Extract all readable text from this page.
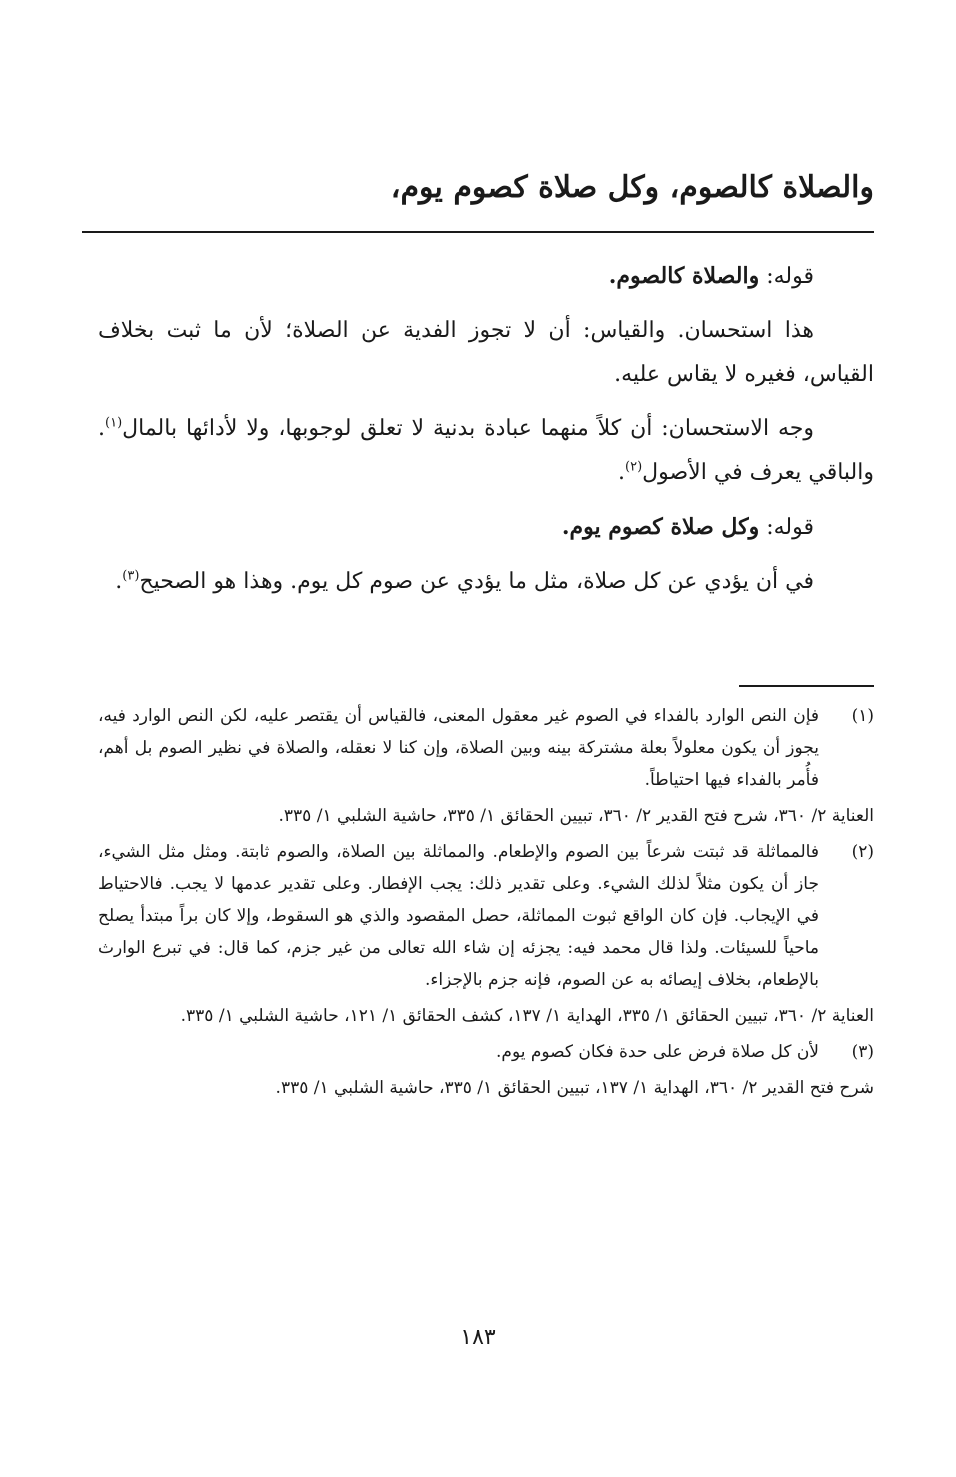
والصلاة كالصوم، وكل صلاة كصوم يوم،

قوله: والصلاة كالصوم.

هذا استحسان. والقياس: أن لا تجوز الفدية عن الصلاة؛ لأن ما ثبت بخلاف القياس، فغيره لا يقاس عليه.

وجه الاستحسان: أن كلاً منهما عبادة بدنية لا تعلق لوجوبها، ولا لأدائها بالمال$^{(١)}$. والباقي يعرف في الأصول$^{(٢)}$.

قوله: وكل صلاة كصوم يوم.

في أن يؤدي عن كل صلاة، مثل ما يؤدي عن صوم كل يوم. وهذا هو الصحيح$^{(٣)}$.

(١)

فإن النص الوارد بالفداء في الصوم غير معقول المعنى، فالقياس أن يقتصر عليه، لكن النص الوارد فيه، يجوز أن يكون معلولاً بعلة مشتركة بينه وبين الصلاة، وإن كنا لا نعقله، والصلاة في نظير الصوم بل أهم، فأُمر بالفداء فيها احتياطاً.

العناية ٢/ ٣٦٠، شرح فتح القدير ٢/ ٣٦٠، تبيين الحقائق ١/ ٣٣٥، حاشية الشلبي ١/ ٣٣٥.

(٢)

فالمماثلة قد ثبتت شرعاً بين الصوم والإطعام. والمماثلة بين الصلاة، والصوم ثابتة. ومثل مثل الشيء، جاز أن يكون مثلاً لذلك الشيء. وعلى تقدير ذلك: يجب الإفطار. وعلى تقدير عدمها لا يجب. فالاحتياط في الإيجاب. فإن كان الواقع ثبوت المماثلة، حصل المقصود والذي هو السقوط، وإلا كان براً مبتدأ يصلح ماحياً للسيئات. ولذا قال محمد فيه: يجزئه إن شاء الله تعالى من غير جزم، كما قال: في تبرع الوارث بالإطعام، بخلاف إيصائه به عن الصوم، فإنه جزم بالإجزاء.

العناية ٢/ ٣٦٠، تبيين الحقائق ١/ ٣٣٥، الهداية ١/ ١٣٧، كشف الحقائق ١/ ١٢١، حاشية الشلبي ١/ ٣٣٥.

(٣)

لأن كل صلاة فرض على حدة فكان كصوم يوم.

شرح فتح القدير ٢/ ٣٦٠، الهداية ١/ ١٣٧، تبيين الحقائق ١/ ٣٣٥، حاشية الشلبي ١/ ٣٣٥.

١٨٣
